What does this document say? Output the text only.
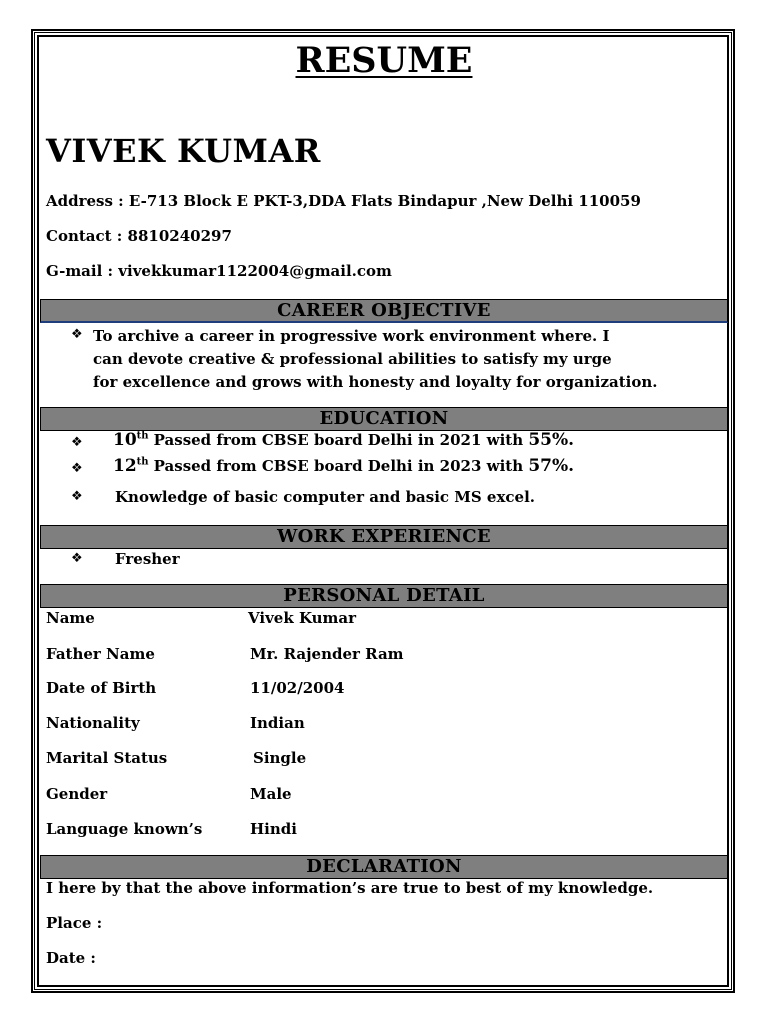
RESUME
VIVEK KUMAR
Address : E-713 Block E PKT-3,DDA Flats Bindapur ,New Delhi 110059
Contact : 8810240297
G-mail : vivekkumar1122004@gmail.com
CAREER OBJECTIVE
❖ To archive a career in progressive work environment where. I
can devote creative & professional abilities to satisfy my urge
for excellence and grows with honesty and loyalty for organization.
EDUCATION
❖ 10th Passed from CBSE board Delhi in 2021 with 55%.
❖ 12th Passed from CBSE board Delhi in 2023 with 57%.
❖ Knowledge of basic computer and basic MS excel.
WORK EXPERIENCE
❖ Fresher
PERSONAL DETAIL
Name	Vivek Kumar
Father Name	Mr. Rajender Ram
Date of Birth	11/02/2004
Nationality	Indian
Marital Status	Single
Gender	Male
Language known’s	Hindi
DECLARATION
I here by that the above information’s are true to best of my knowledge.
Place :
Date :
